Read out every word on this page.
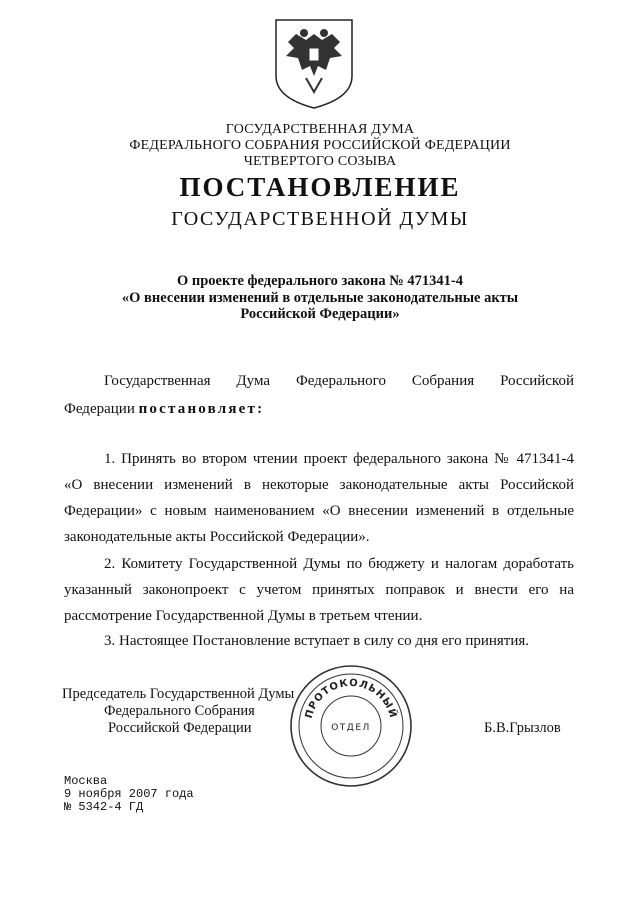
ГОСУДАРСТВЕННАЯ ДУМА
ФЕДЕРАЛЬНОГО СОБРАНИЯ РОССИЙСКОЙ ФЕДЕРАЦИИ
ЧЕТВЕРТОГО СОЗЫВА
ПОСТАНОВЛЕНИЕ
ГОСУДАРСТВЕННОЙ ДУМЫ
О проекте федерального закона № 471341-4
«О внесении изменений в отдельные законодательные акты
Российской Федерации»
Государственная Дума Федерального Собрания Российской
Федерации постановляет:
1. Принять во втором чтении проект федерального закона № 471341-4
«О внесении изменений в некоторые законодательные акты Российской
Федерации» с новым наименованием «О внесении изменений в отдельные
законодательные акты Российской Федерации».
2. Комитету Государственной Думы по бюджету и налогам доработать
указанный законопроект с учетом принятых поправок и внести его на
рассмотрение Государственной Думы в третьем чтении.
3. Настоящее Постановление вступает в силу со дня его принятия.
Председатель Государственной Думы
Федерального Собрания
Российской Федерации	Б.В.Грызлов
ПРОТОКОЛЬНЫЙ
ОТДЕЛ
Москва
9 ноября 2007 года
№ 5342-4 ГД
